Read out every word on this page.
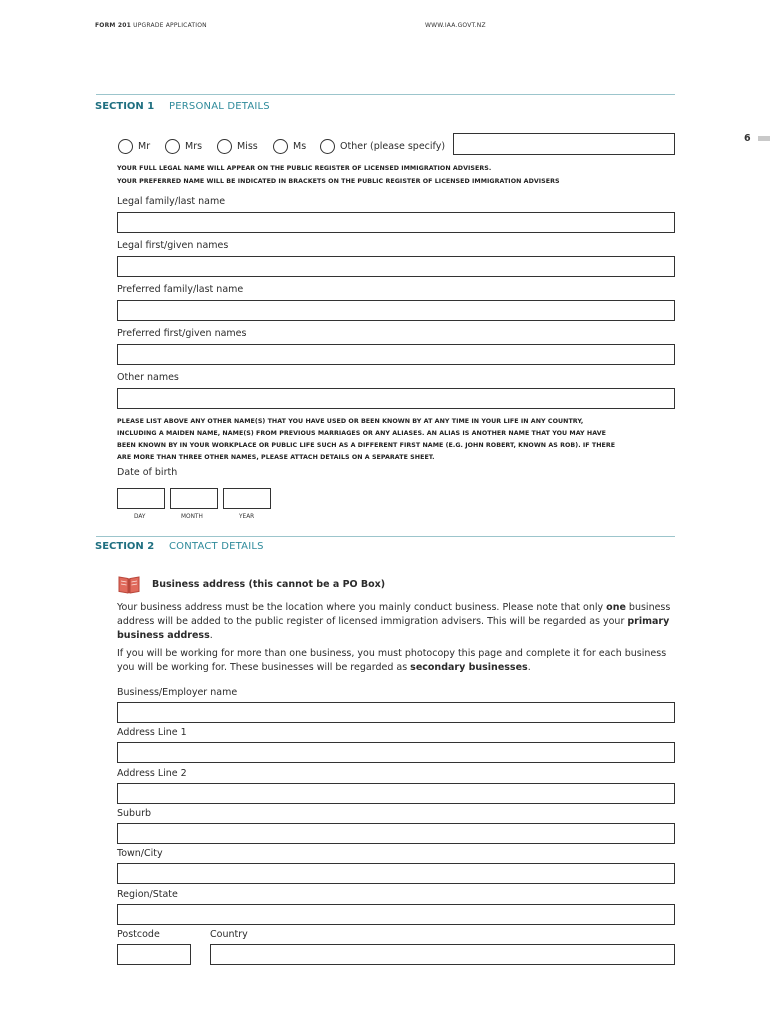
FORM 201 UPGRADE APPLICATION	WWW.IAA.GOVT.NZ
6
SECTION 1 PERSONAL DETAILS
Mr	Mrs	Miss	Ms	Other (please specify)
YOUR FULL LEGAL NAME WILL APPEAR ON THE PUBLIC REGISTER OF LICENSED IMMIGRATION ADVISERS.
YOUR PREFERRED NAME WILL BE INDICATED IN BRACKETS ON THE PUBLIC REGISTER OF LICENSED IMMIGRATION ADVISERS
Legal family/last name
Legal first/given names
Preferred family/last name
Preferred first/given names
Other names
PLEASE LIST ABOVE ANY OTHER NAME(S) THAT YOU HAVE USED OR BEEN KNOWN BY AT ANY TIME IN YOUR LIFE IN ANY COUNTRY,
INCLUDING A MAIDEN NAME, NAME(S) FROM PREVIOUS MARRIAGES OR ANY ALIASES. AN ALIAS IS ANOTHER NAME THAT YOU MAY HAVE
BEEN KNOWN BY IN YOUR WORKPLACE OR PUBLIC LIFE SUCH AS A DIFFERENT FIRST NAME (E.G. JOHN ROBERT, KNOWN AS ROB). IF THERE
ARE MORE THAN THREE OTHER NAMES, PLEASE ATTACH DETAILS ON A SEPARATE SHEET.
Date of birth
DAY	MONTH	YEAR
SECTION 2 CONTACT DETAILS
Business address (this cannot be a PO Box)
Your business address must be the location where you mainly conduct business. Please note that only one business address will be added to the public register of licensed immigration advisers. This will be regarded as your primary business address.
If you will be working for more than one business, you must photocopy this page and complete it for each business you will be working for. These businesses will be regarded as secondary businesses.
Business/Employer name
Address Line 1
Address Line 2
Suburb
Town/City
Region/State
Postcode	Country
